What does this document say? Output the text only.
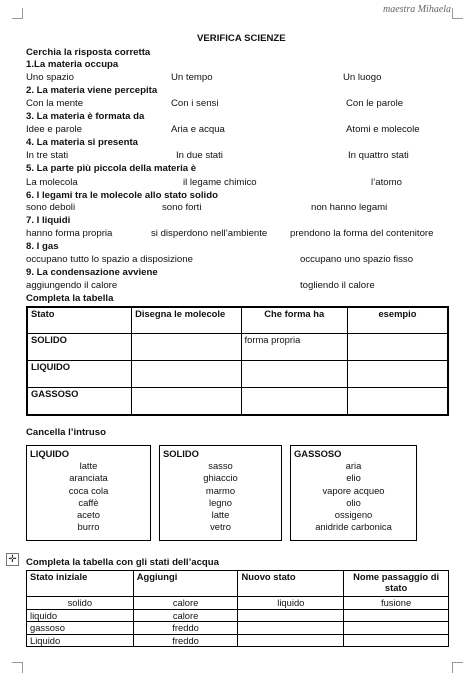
maestra Mihaela
VERIFICA SCIENZE
Cerchia la risposta corretta
1.La materia occupa
Uno spazio	Un tempo	Un luogo
2. La materia viene percepita
Con la mente	Con i sensi	Con le parole
3. La materia è formata da
Idee e parole	Aria e acqua	Atomi e molecole
4. La materia si presenta
In tre stati	In due stati	In quattro stati
5. La parte più piccola della materia è
La molecola	il legame chimico	l’atomo
6. I legami tra le molecole allo stato solido
sono deboli	sono forti	non hanno legami
7. I liquidi
hanno forma propria	si disperdono nell’ambiente prendono la forma del contenitore
8. I gas
occupano tutto lo spazio a disposizione	occupano uno spazio fisso
9. La condensazione avviene
aggiungendo il calore	togliendo il calore
Completa la tabella
Stato	Disegna le molecole	Che forma ha	esempio
SOLIDO		forma propria	
LIQUIDO			
GASSOSO			
Cancella l’intruso
LIQUIDO
latte
aranciata
coca cola
caffè
aceto
burro
SOLIDO
sasso
ghiaccio
marmo
legno
latte
vetro
GASSOSO
aria
elio
vapore acqueo
olio
ossigeno
anidride carbonica
✛ Completa la tabella con gli stati dell’acqua
Stato iniziale	Aggiungi	Nuovo stato	Nome passaggio di stato
solido	calore	liquido	fusione
liquido	calore		
gassoso	freddo		
Liquido	freddo		
